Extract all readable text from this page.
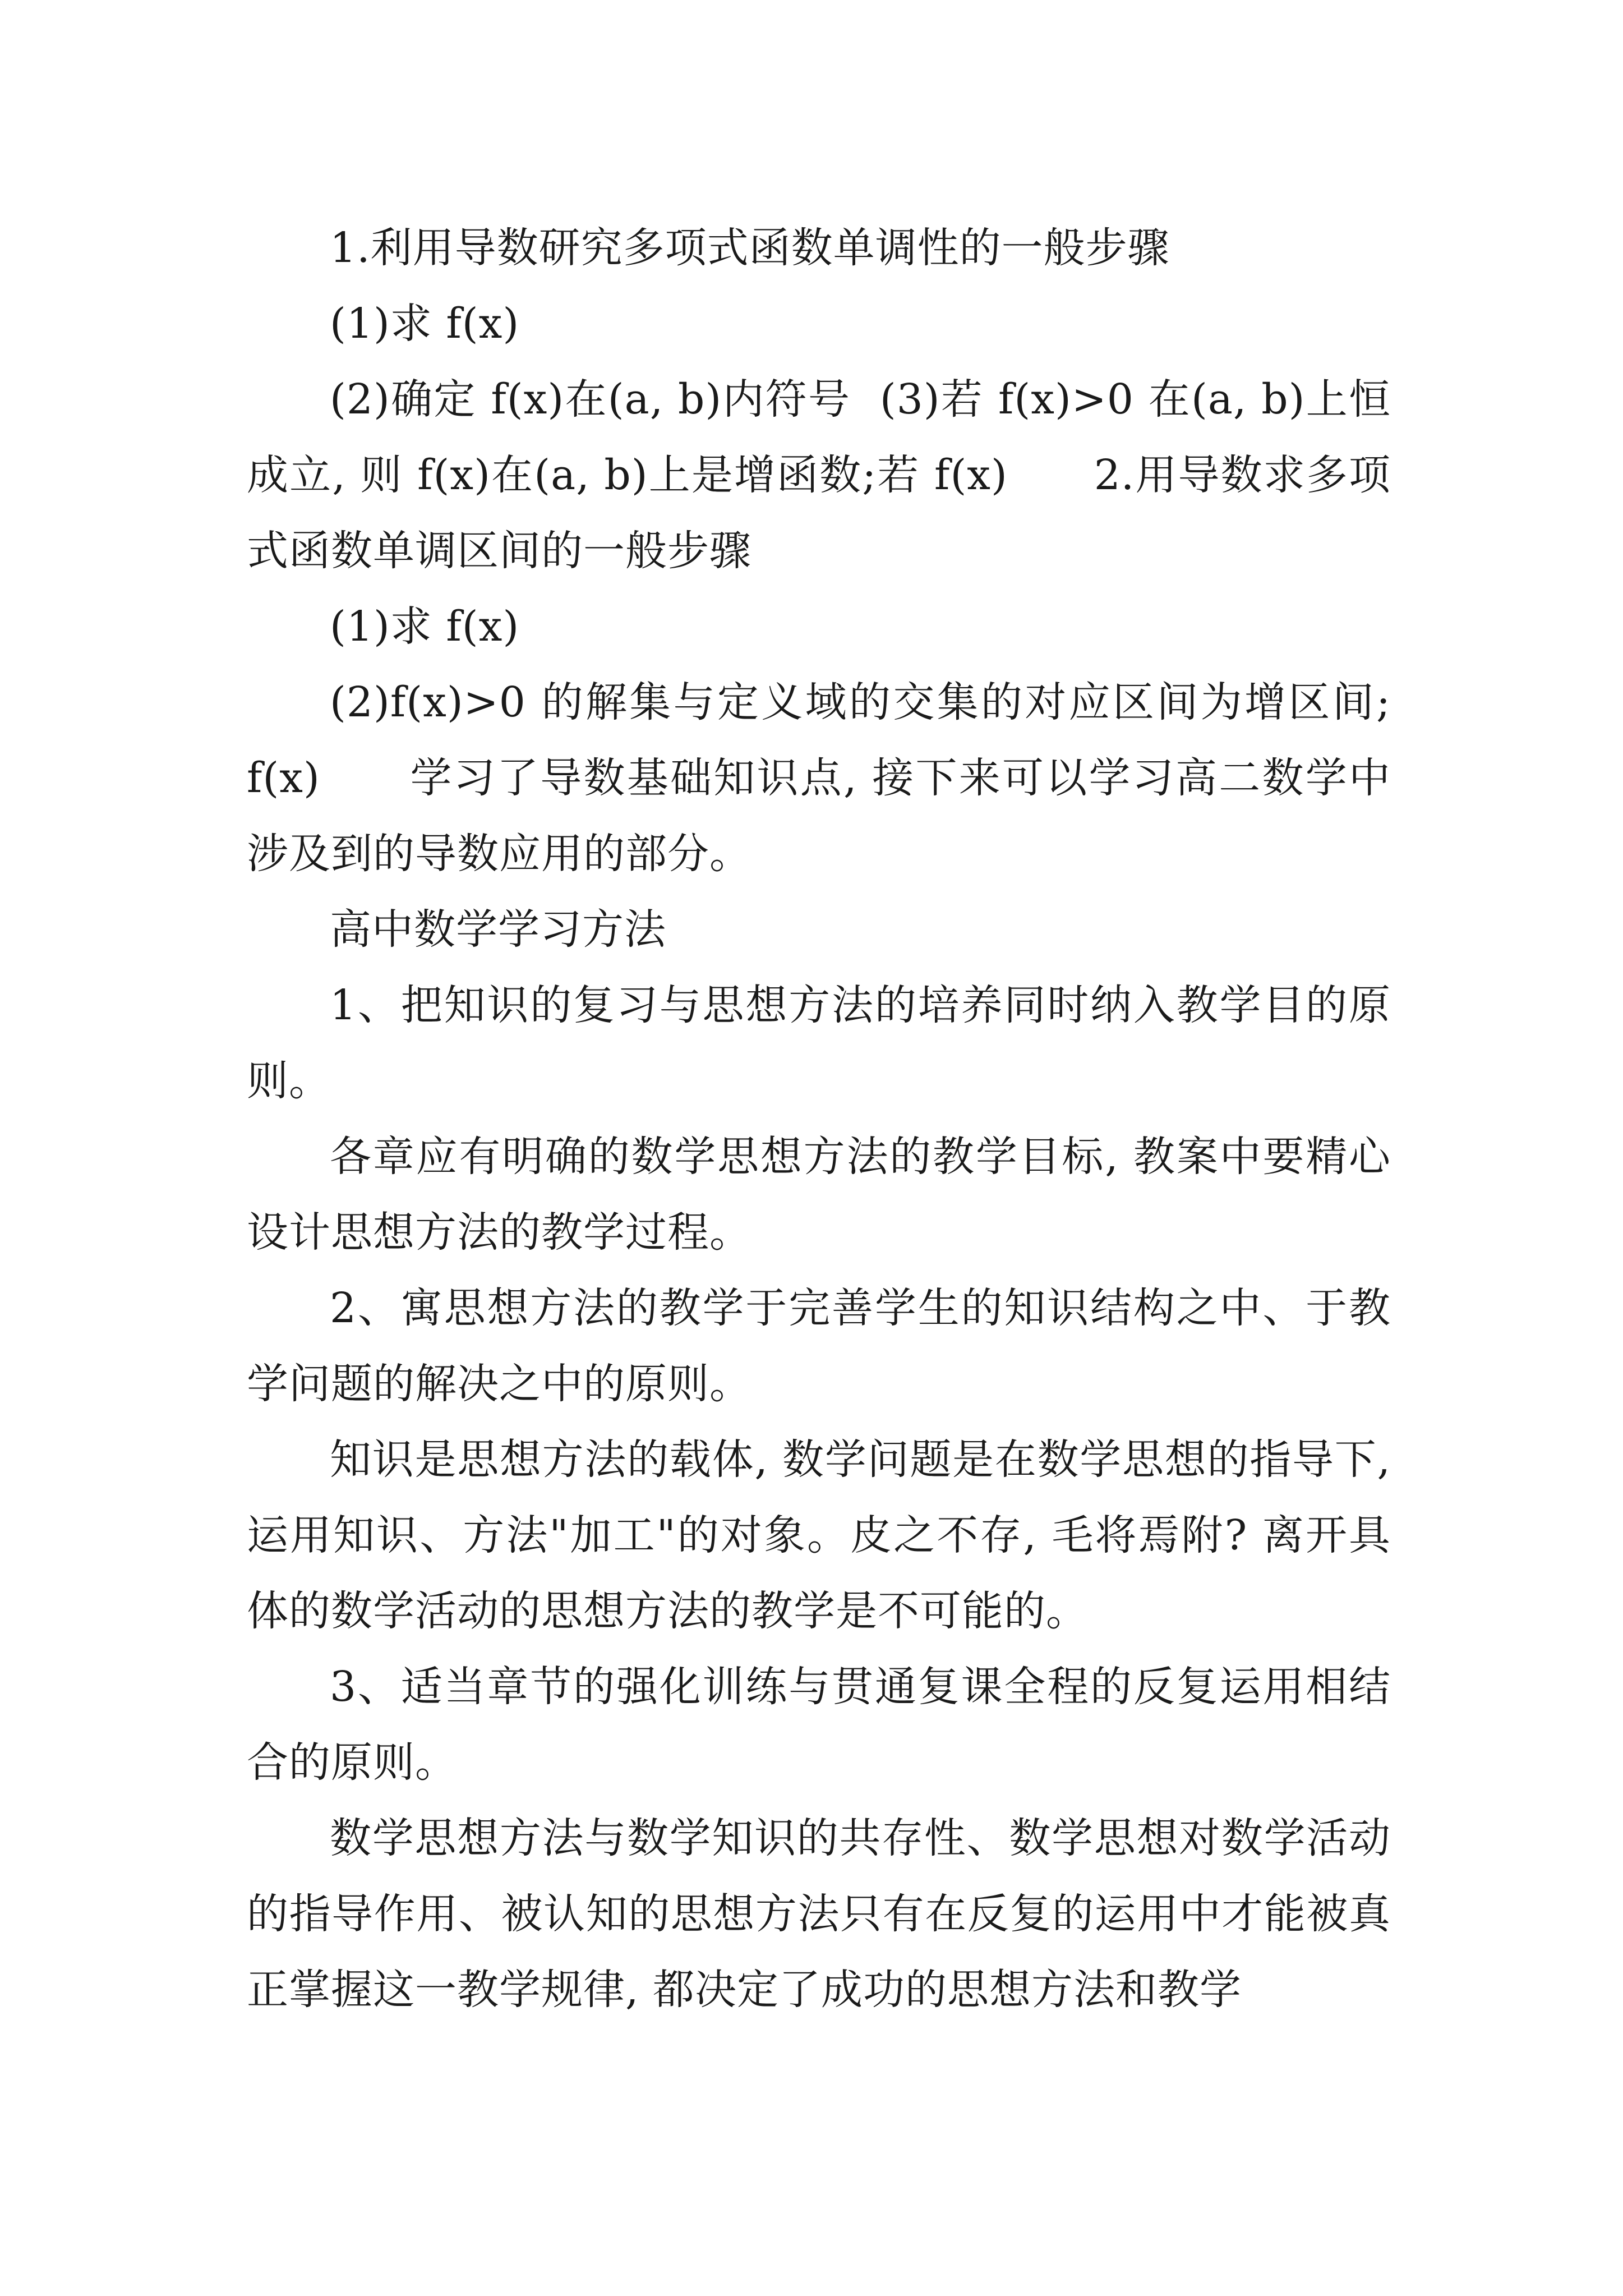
1.利用导数研究多项式函数单调性的一般步骤

(1)求 f(x)

(2)确定 f(x)在(a, b)内符号  (3)若 f(x)>0 在(a, b)上恒成立, 则 f(x)在(a, b)上是增函数;若 f(x)      2.用导数求多项式函数单调区间的一般步骤

(1)求 f(x)

(2)f(x)>0 的解集与定义域的交集的对应区间为增区间; f(x)      学习了导数基础知识点, 接下来可以学习高二数学中涉及到的导数应用的部分。

高中数学学习方法

1、把知识的复习与思想方法的培养同时纳入教学目的原则。

各章应有明确的数学思想方法的教学目标, 教案中要精心设计思想方法的教学过程。

2、寓思想方法的教学于完善学生的知识结构之中、于教学问题的解决之中的原则。

知识是思想方法的载体, 数学问题是在数学思想的指导下, 运用知识、方法"加工"的对象。皮之不存, 毛将焉附? 离开具体的数学活动的思想方法的教学是不可能的。

3、适当章节的强化训练与贯通复课全程的反复运用相结合的原则。

数学思想方法与数学知识的共存性、数学思想对数学活动的指导作用、被认知的思想方法只有在反复的运用中才能被真正掌握这一教学规律, 都决定了成功的思想方法和教学
